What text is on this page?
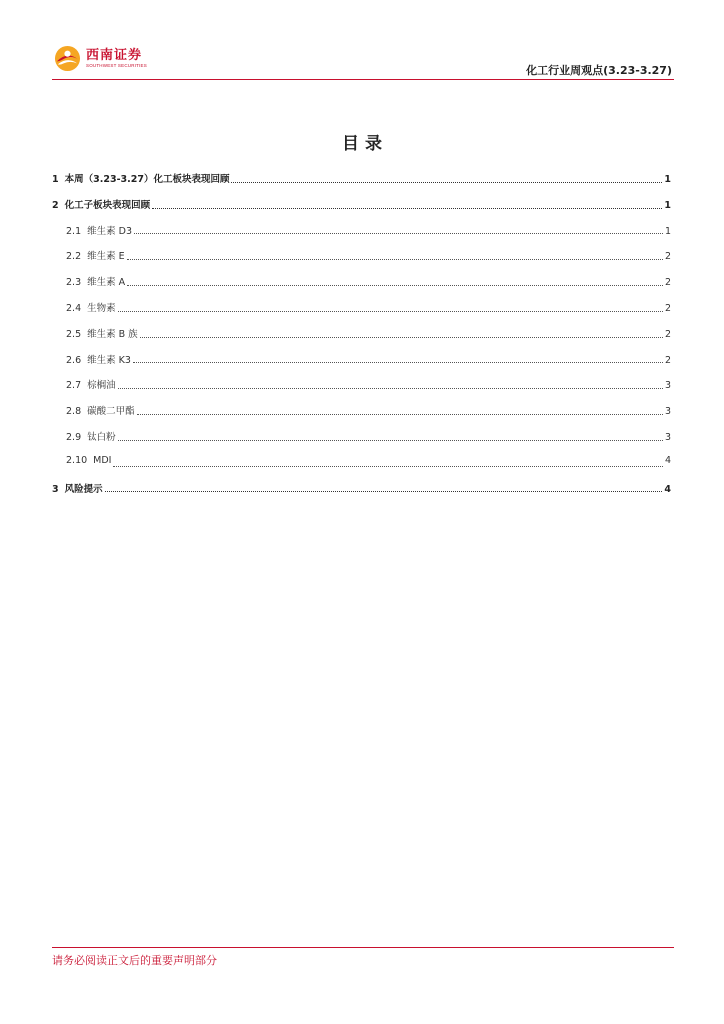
西南证券
SOUTHWEST SECURITIES	化工行业周观点(3.23-3.27)
目 录
1 本周（3.23-3.27）化工板块表现回顾	1
2 化工子板块表现回顾	1
2.1 维生素 D3	1
2.2 维生素 E	2
2.3 维生素 A	2
2.4 生物素	2
2.5 维生素 B 族	2
2.6 维生素 K3	2
2.7 棕榈油	3
2.8 碳酸二甲酯	3
2.9 钛白粉	3
2.10 MDI	4
3 风险提示	4
请务必阅读正文后的重要声明部分
